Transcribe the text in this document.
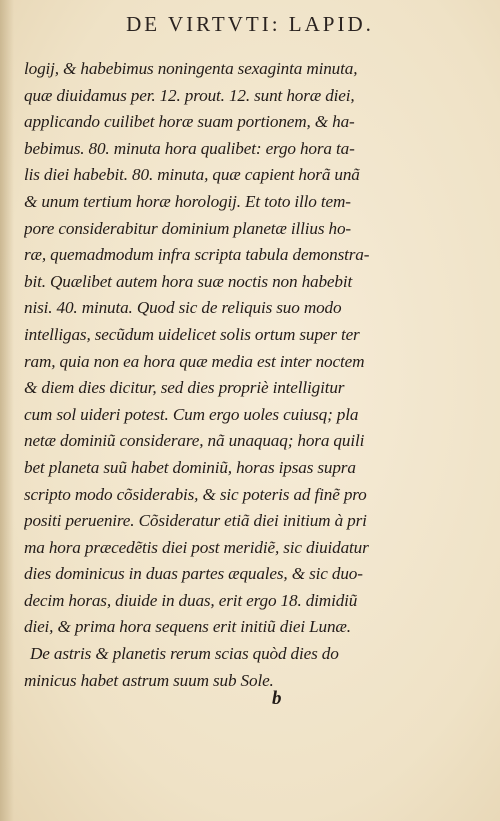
DE VIRTVTI: LAPID.
logij, & habebimus noningenta sexaginta minuta,
quæ diuidamus per. 12. prout. 12. sunt horæ diei,
applicando cuilibet horæ suam portionem, & ha-
bebimus. 80. minuta hora qualibet: ergo hora ta-
lis diei habebit. 80. minuta, quæ capient horã unã
& unum tertium horæ horologij. Et toto illo tem-
pore considerabitur dominium planetæ illius ho-
ræ, quemadmodum infra scripta tabula demonstra-
bit. Quælibet autem hora suæ noctis non habebit
nisi. 40. minuta. Quod sic de reliquis suo modo
intelligas, secũdum uidelicet solis ortum super ter
ram, quia non ea hora quæ media est inter noctem
& diem dies dicitur, sed dies propriè intelligitur
cum sol uideri potest. Cum ergo uoles cuiusq; pla
netæ dominiũ considerare, nã unaquaq; hora quili
bet planeta suũ habet dominiũ, horas ipsas supra
scripto modo cõsiderabis, & sic poteris ad finẽ pro
positi peruenire. Cõsideratur etiã diei initium à pri
ma hora præcedẽtis diei post meridiẽ, sic diuidatur
dies dominicus in duas partes æquales, & sic duo-
decim horas, diuide in duas, erit ergo 18. dimidiũ
diei, & prima hora sequens erit initiũ diei Lunæ.
De astris & planetis rerum scias quòd dies do
minicus habet astrum suum sub Sole.
b
